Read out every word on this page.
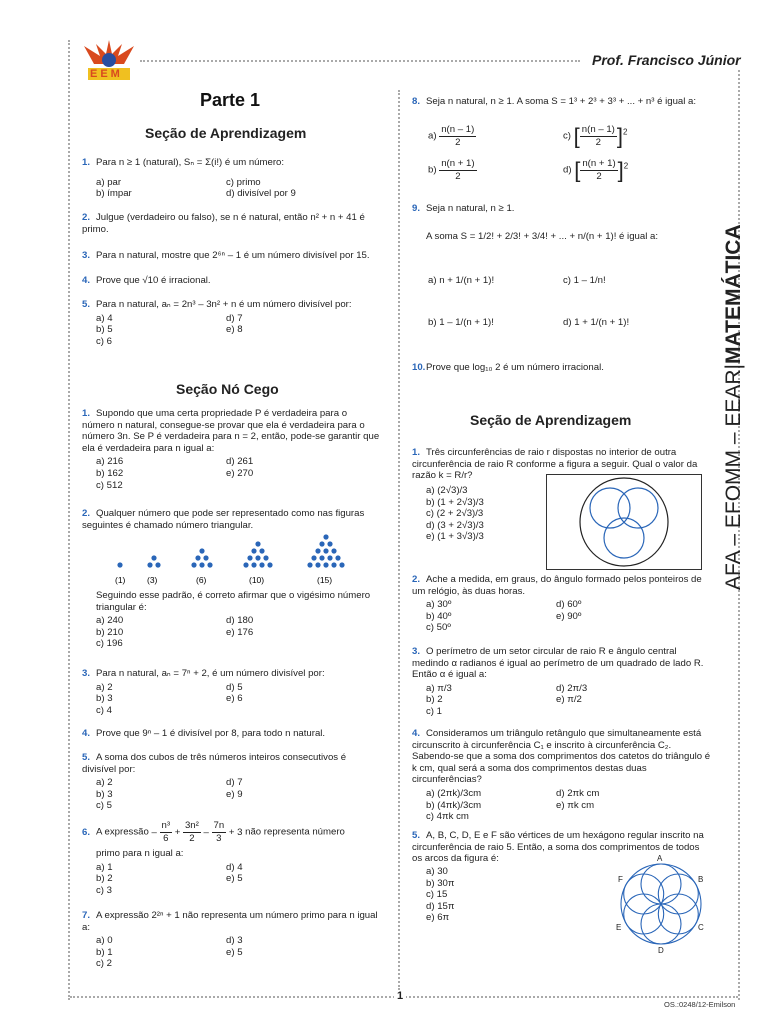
EEM
Prof. Francisco Júnior
AFA – EFOMM – EEAR|MATEMÁTICA
Parte 1
Seção de Aprendizagem
1. Para n ≥ 1 (natural), Sₙ = Σ(i!) é um número:
a) par	c) primo
b) ímpar	d) divisível por 9
2. Julgue (verdadeiro ou falso), se n é natural, então n² + n + 41 é primo.
3. Para n natural, mostre que 2⁶ⁿ – 1 é um número divisível por 15.
4. Prove que √10 é irracional.
5. Para n natural, aₙ = 2n³ – 3n² + n é um número divisível por:
a) 4	d) 7
b) 5	e) 8
c) 6
Seção Nó Cego
1. Supondo que uma certa propriedade P é verdadeira para o número n natural, consegue-se provar que ela é verdadeira para o número 3n. Se P é verdadeira para n = 2, então, pode-se garantir que ela é verdadeira para n igual a:
a) 216	d) 261
b) 162	e) 270
c) 512
2. Qualquer número que pode ser representado como nas figuras seguintes é chamado número triangular.
(1)	(3)	(6)	(10)	(15)
Seguindo esse padrão, é correto afirmar que o vigésimo número triangular é:
a) 240	d) 180
b) 210	e) 176
c) 196
3. Para n natural, aₙ = 7ⁿ + 2, é um número divisível por:
a) 2	d) 5
b) 3	e) 6
c) 4
4. Prove que 9ⁿ – 1 é divisível por 8, para todo n natural.
5. A soma dos cubos de três números inteiros consecutivos é divisível por:
a) 2	d) 7
b) 3	e) 9
c) 5
6. A expressão – $\frac{\text{n³}}{6} + \frac{\text{3n²}}{2} - \frac{7n}{3} + 3$ não representa número
primo para n igual a:
a) 1	d) 4
b) 2	e) 5
c) 3
7. A expressão 2²ⁿ + 1 não representa um número primo para n igual a:
a) 0	d) 3
b) 1	e) 5
c) 2
8. Seja n natural, n ≥ 1. A soma S = 1³ + 2³ + 3³ + ... + n³ é igual a:
$a) \frac{n(n - 1)}{2}$	c) [ $\frac{n(n - 1)}{2} ]^2$
$b) \frac{n(n + 1)}{2}$	d) [ $\frac{n(n + 1)}{2} ]^2$
9. Seja n natural, n ≥ 1.
A soma S = 1/2! + 2/3! + 3/4! + ... + n/(n + 1)! é igual a:
a) n + 1/(n + 1)!	c) 1 – 1/n!
b) 1 – 1/(n + 1)!	d) 1 + 1/(n + 1)!
10.Prove que log₁₀ 2 é um número irracional.
Seção de Aprendizagem
1. Três circunferências de raio r dispostas no interior de outra circunferência de raio R conforme a figura a seguir. Qual o valor da razão k = R/r?
a) (2√3)/3
b) (1 + 2√3)/3
c) (2 + 2√3)/3
d) (3 + 2√3)/3
e) (1 + 3√3)/3
2. Ache a medida, em graus, do ângulo formado pelos ponteiros de um relógio, às duas horas.
a) 30º	d) 60º
b) 40º	e) 90º
c) 50º
3. O perímetro de um setor circular de raio R e ângulo central medindo α radianos é igual ao perímetro de um quadrado de lado R. Então α é igual a:
a) π/3	d) 2π/3
b) 2	e) π/2
c) 1
4. Consideramos um triângulo retângulo que simultaneamente está circunscrito à circunferência C₁ e inscrito à circunferência C₂. Sabendo-se que a soma dos comprimentos dos catetos do triângulo é k cm, qual será a soma dos comprimentos destas duas circunferências?
a) (2πk)/3cm	d) 2πk cm
b) (4πk)/3cm	e) πk cm
c) 4πk cm
5. A, B, C, D, E e F são vértices de um hexágono regular inscrito na circunferência de raio 5. Então, a soma dos comprimentos de todos os arcos da figura é:
a) 30
b) 30π
c) 15
d) 15π
e) 6π
A
B
C
D
E
F
1
OS.:0248/12-Emilson
